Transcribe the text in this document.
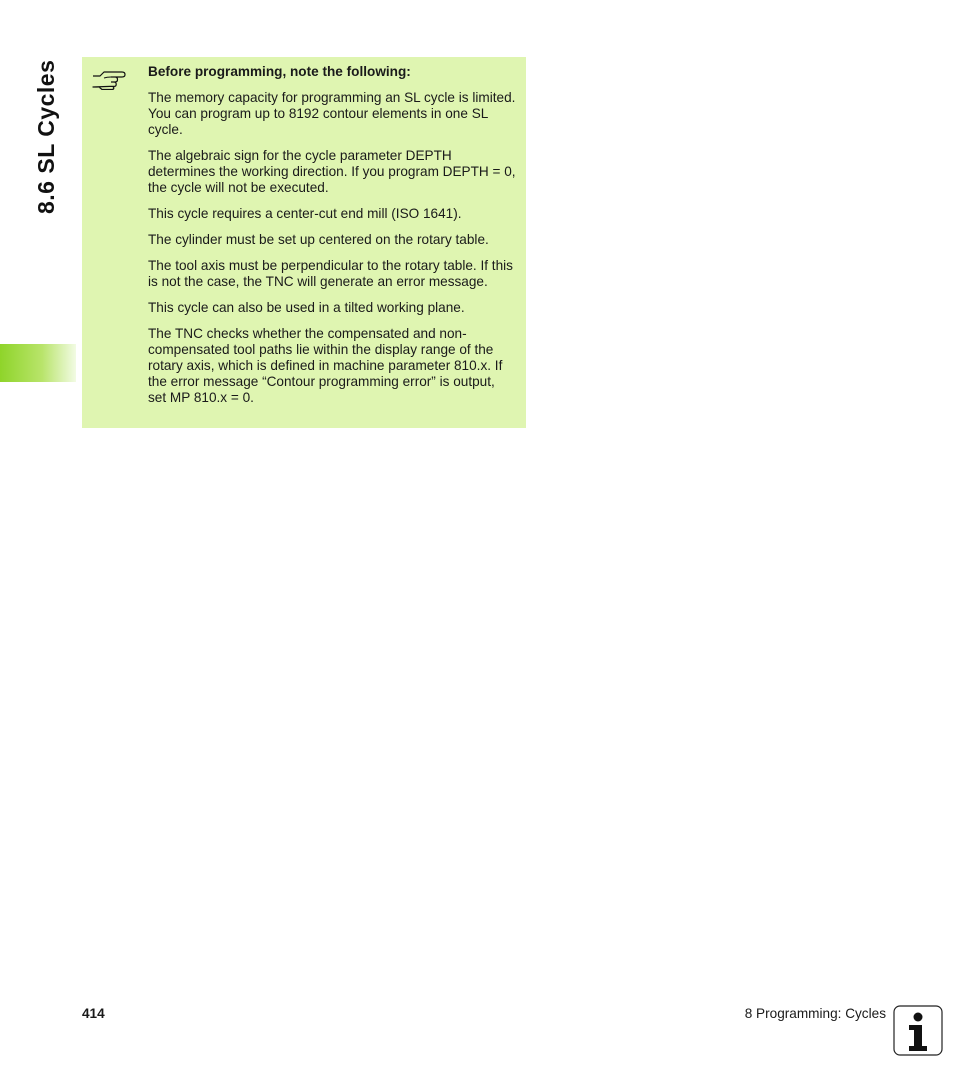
8.6 SL Cycles	Before programming, note the following:

The memory capacity for programming an SL cycle is limited. You can program up to 8192 contour elements in one SL cycle.

The algebraic sign for the cycle parameter DEPTH determines the working direction. If you program DEPTH = 0, the cycle will not be executed.

This cycle requires a center-cut end mill (ISO 1641).

The cylinder must be set up centered on the rotary table.

The tool axis must be perpendicular to the rotary table. If this is not the case, the TNC will generate an error message.

This cycle can also be used in a tilted working plane.

The TNC checks whether the compensated and non-compensated tool paths lie within the display range of the rotary axis, which is defined in machine parameter 810.x. If the error message “Contour programming error” is output, set MP 810.x = 0.

414	8 Programming: Cycles
